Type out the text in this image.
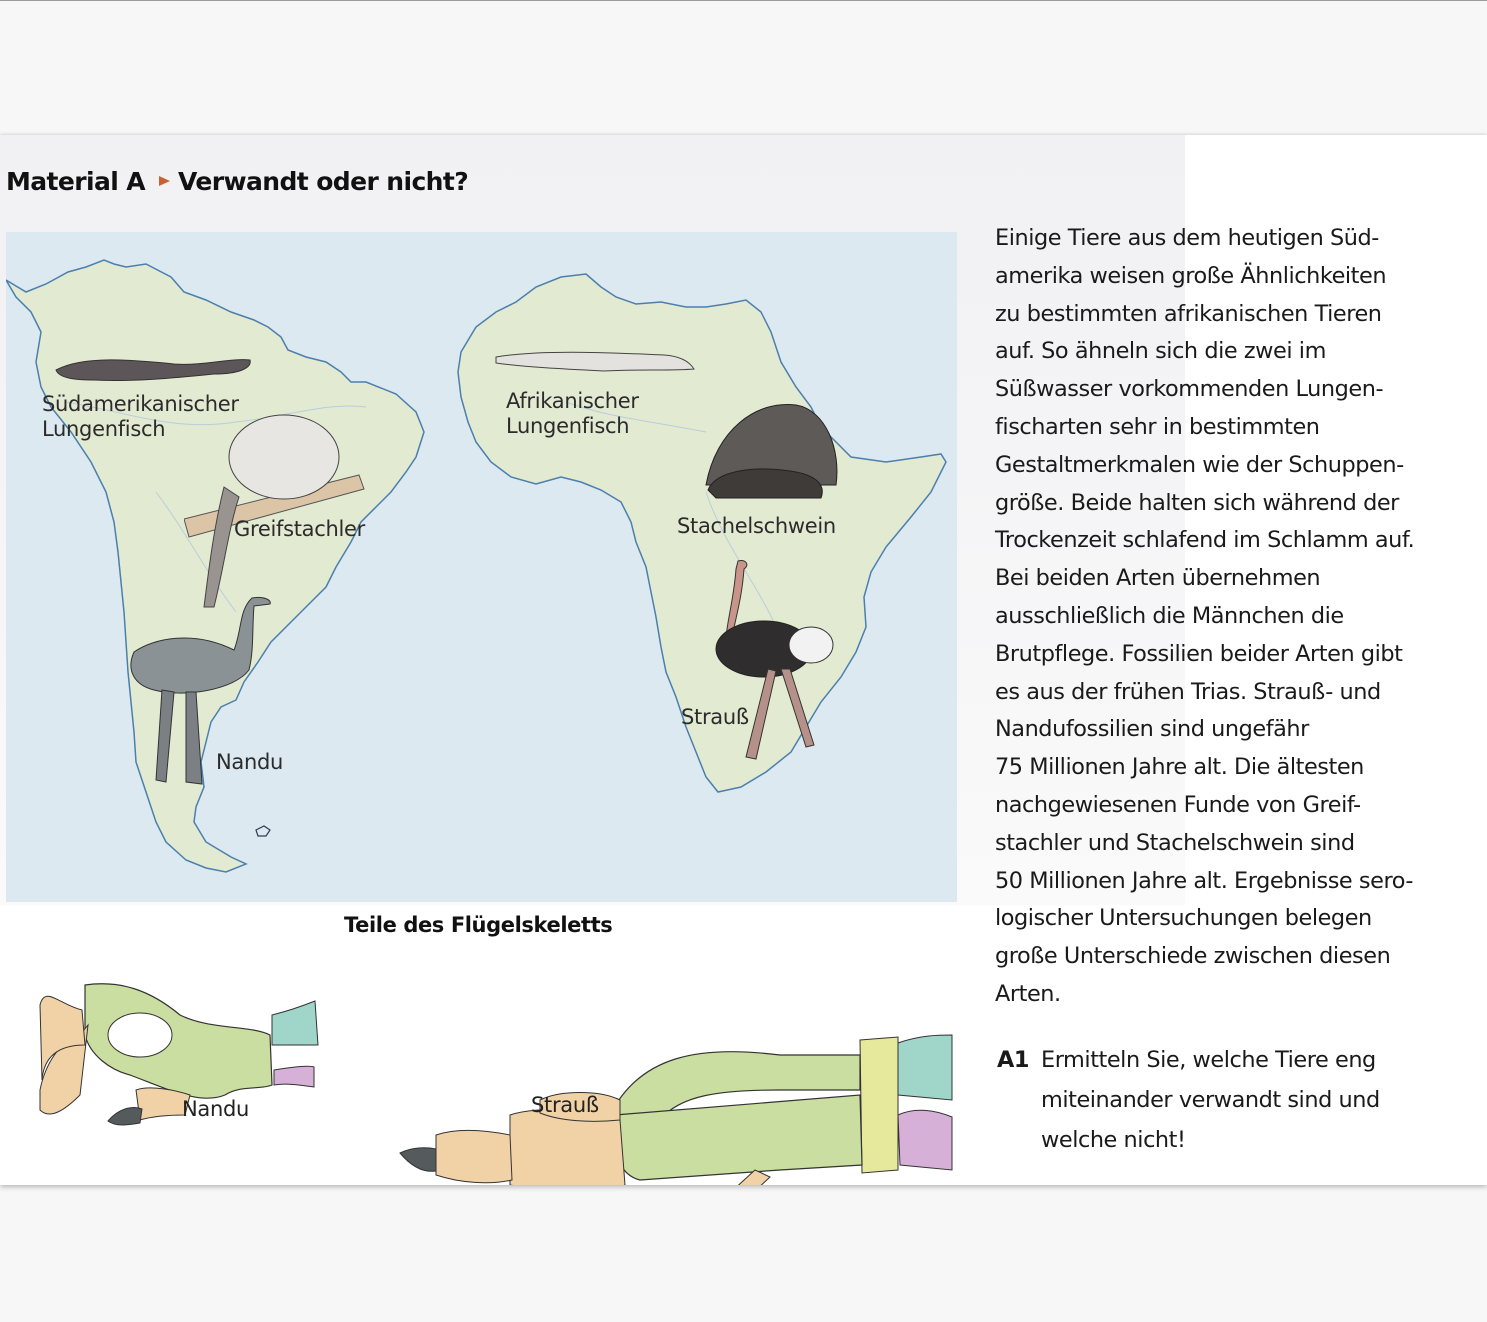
Material A Verwandt oder nicht?
Südamerikanischer
Lungenfisch
Greifstachler
Nandu
Afrikanischer
Lungenfisch
Stachelschwein
Strauß
Teile des Flügelskeletts
Nandu	Strauß
Einige Tiere aus dem heutigen Süd-
amerika weisen große Ähnlichkeiten
zu bestimmten afrikanischen Tieren
auf. So ähneln sich die zwei im
Süßwasser vorkommenden Lungen-
fischarten sehr in bestimmten
Gestaltmerkmalen wie der Schuppen-
größe. Beide halten sich während der
Trockenzeit schlafend im Schlamm auf.
Bei beiden Arten übernehmen
ausschließlich die Männchen die
Brutpflege. Fossilien beider Arten gibt
es aus der frühen Trias. Strauß- und
Nandufossilien sind ungefähr
75 Millionen Jahre alt. Die ältesten
nachgewiesenen Funde von Greif-
stachler und Stachelschwein sind
50 Millionen Jahre alt. Ergebnisse sero-
logischer Untersuchungen belegen
große Unterschiede zwischen diesen
Arten.
A1 Ermitteln Sie, welche Tiere eng
miteinander verwandt sind und
welche nicht!
